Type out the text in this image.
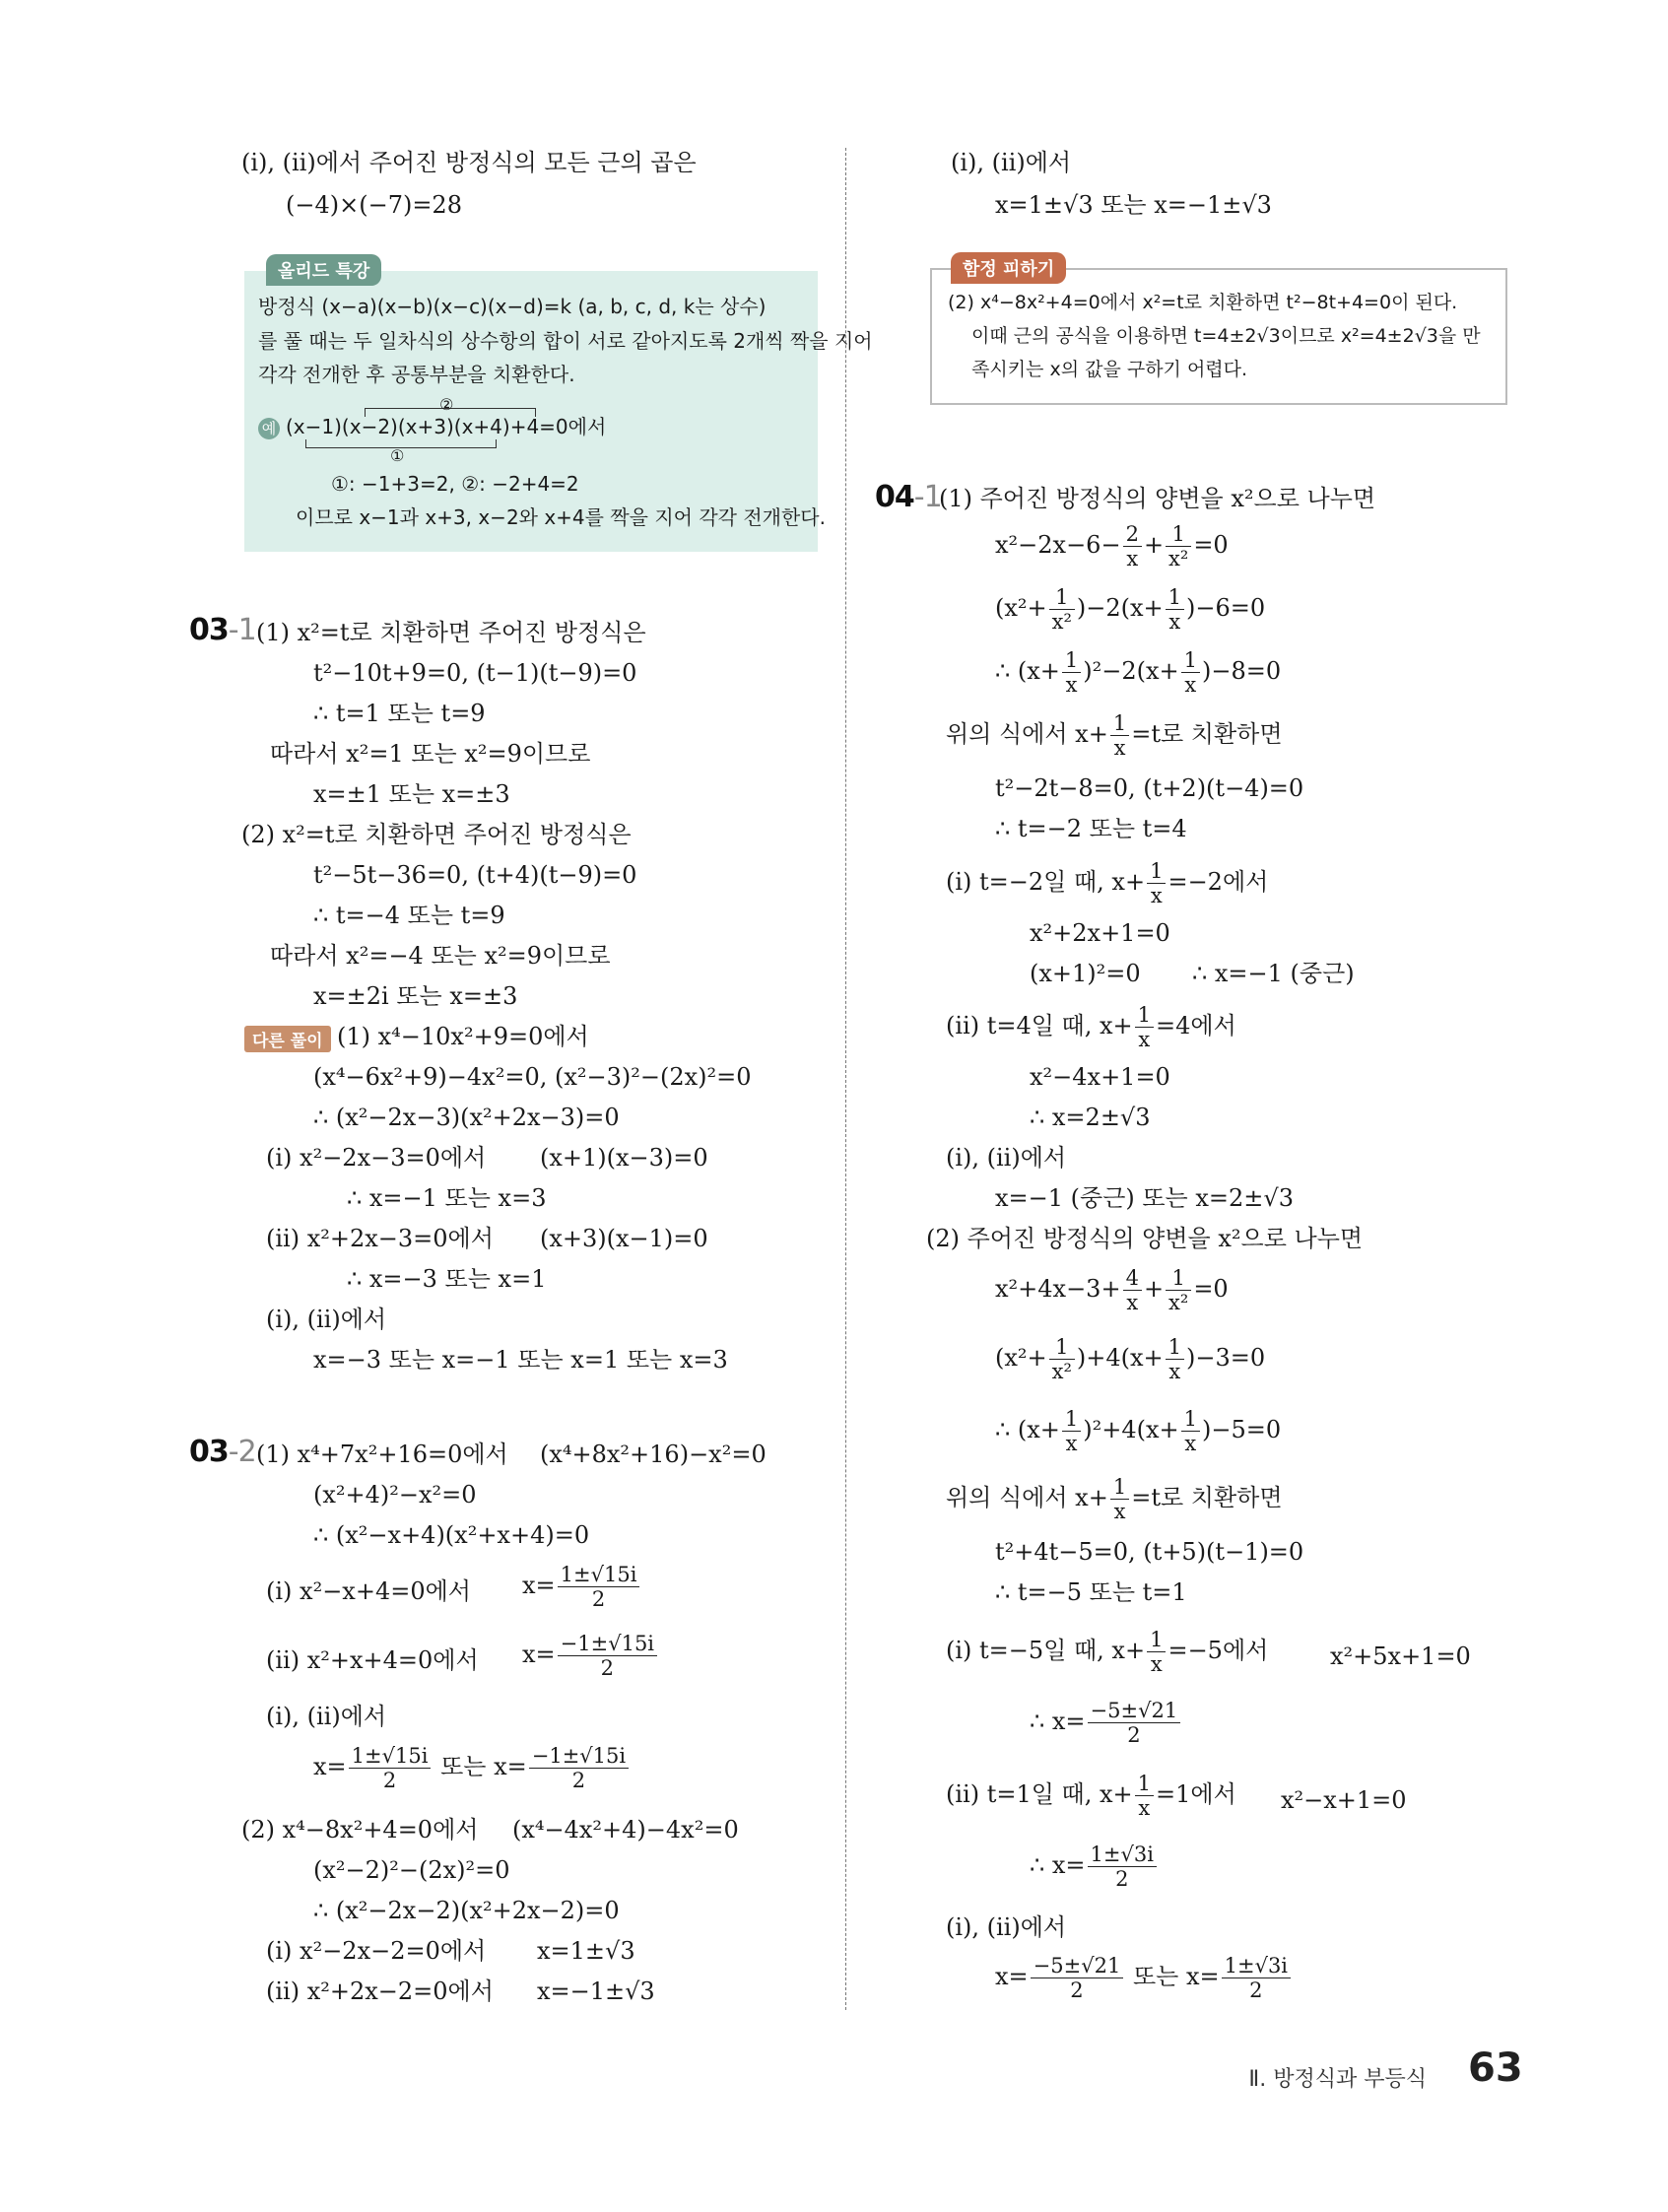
(ⅰ), (ⅱ)에서 주어진 방정식의 모든 근의 곱은
(−4)×(−7)=28
올리드 특강
방정식 (x−a)(x−b)(x−c)(x−d)=k (a, b, c, d, k는 상수)
를 풀 때는 두 일차식의 상수항의 합이 서로 같아지도록 2개씩 짝을 지어
각각 전개한 후 공통부분을 치환한다.
②
예 (x−1)(x−2)(x+3)(x+4)+4=0에서
①
①: −1+3=2, ②: −2+4=2
이므로 x−1과 x+3, x−2와 x+4를 짝을 지어 각각 전개한다.
03-1 (1) x²=t로 치환하면 주어진 방정식은
t²−10t+9=0, (t−1)(t−9)=0
∴ t=1 또는 t=9
따라서 x²=1 또는 x²=9이므로
x=±1 또는 x=±3
(2) x²=t로 치환하면 주어진 방정식은
t²−5t−36=0, (t+4)(t−9)=0
∴ t=−4 또는 t=9
따라서 x²=−4 또는 x²=9이므로
x=±2i 또는 x=±3
다른 풀이 (1) x⁴−10x²+9=0에서
(x⁴−6x²+9)−4x²=0, (x²−3)²−(2x)²=0
∴ (x²−2x−3)(x²+2x−3)=0
(ⅰ) x²−2x−3=0에서 (x+1)(x−3)=0
∴ x=−1 또는 x=3
(ⅱ) x²+2x−3=0에서 (x+3)(x−1)=0
∴ x=−3 또는 x=1
(ⅰ), (ⅱ)에서
x=−3 또는 x=−1 또는 x=1 또는 x=3
03-2 (1) x⁴+7x²+16=0에서 (x⁴+8x²+16)−x²=0
(x²+4)²−x²=0
∴ (x²−x+4)(x²+x+4)=0
(ⅰ) x²−x+4=0에서 $x= \frac{1\pm√15i}{2}$
(ⅱ) x²+x+4=0에서 $x= \frac{-1\pm√15i}{2}$
(ⅰ), (ⅱ)에서
$x= \frac{1\pm√15i}{2}$ 또는 $x= \frac{-1\pm√15i}{2}$
(2) x⁴−8x²+4=0에서 (x⁴−4x²+4)−4x²=0
(x²−2)²−(2x)²=0
∴ (x²−2x−2)(x²+2x−2)=0
(ⅰ) x²−2x−2=0에서 x=1±√3
(ⅱ) x²+2x−2=0에서 x=−1±√3
(ⅰ), (ⅱ)에서
x=1±√3 또는 x=−1±√3
함정 피하기
(2) x⁴−8x²+4=0에서 x²=t로 치환하면 t²−8t+4=0이 된다.
이때 근의 공식을 이용하면 t=4±2√3이므로 x²=4±2√3을 만
족시키는 x의 값을 구하기 어렵다.
04-1
(1) 주어진 방정식의 양변을 x²으로 나누면
$x^2-2x-6- \frac{2}{x} + \frac{1}{\text{x²}} =0$
$(x^2+ \frac{1}{\text{x²}} )-2(x+ \frac{1}{x} )-6=0$
∴ $(x+ \frac{1}{x} )^2-2(x+ \frac{1}{x} )-8=0$
위의 식에서 $x+ \frac{1}{x} =t$로 치환하면
t²−2t−8=0, (t+2)(t−4)=0
∴ t=−2 또는 t=4
(ⅰ) t=−2일 때, $x+ \frac{1}{x} =-2$에서
x²+2x+1=0
(x+1)²=0 ∴ x=−1 (중근)
(ⅱ) t=4일 때, $x+ \frac{1}{x} =4$에서
x²−4x+1=0
∴ x=2±√3
(ⅰ), (ⅱ)에서
x=−1 (중근) 또는 x=2±√3
(2) 주어진 방정식의 양변을 x²으로 나누면
$x^2+4x-3+ \frac{4}{x} + \frac{1}{\text{x²}} =0$
$(x^2+ \frac{1}{\text{x²}} )+4(x+ \frac{1}{x} )-3=0$
∴ $(x+ \frac{1}{x} )^2+4(x+ \frac{1}{x} )-5=0$
위의 식에서 $x+ \frac{1}{x} =t$로 치환하면
t²+4t−5=0, (t+5)(t−1)=0
∴ t=−5 또는 t=1
(ⅰ) t=−5일 때, $x+ \frac{1}{x} =-5$에서	x²+5x+1=0
∴ $x= \frac{-5\pm√21}{2}$
(ⅱ) t=1일 때, $x+ \frac{1}{x} =1$에서 x²−x+1=0
∴ $x= \frac{1\pm√3i}{2}$
(ⅰ), (ⅱ)에서
$x= \frac{-5\pm√21}{2}$ 또는 $x= \frac{1\pm√3i}{2}$
Ⅱ. 방정식과 부등식 63
